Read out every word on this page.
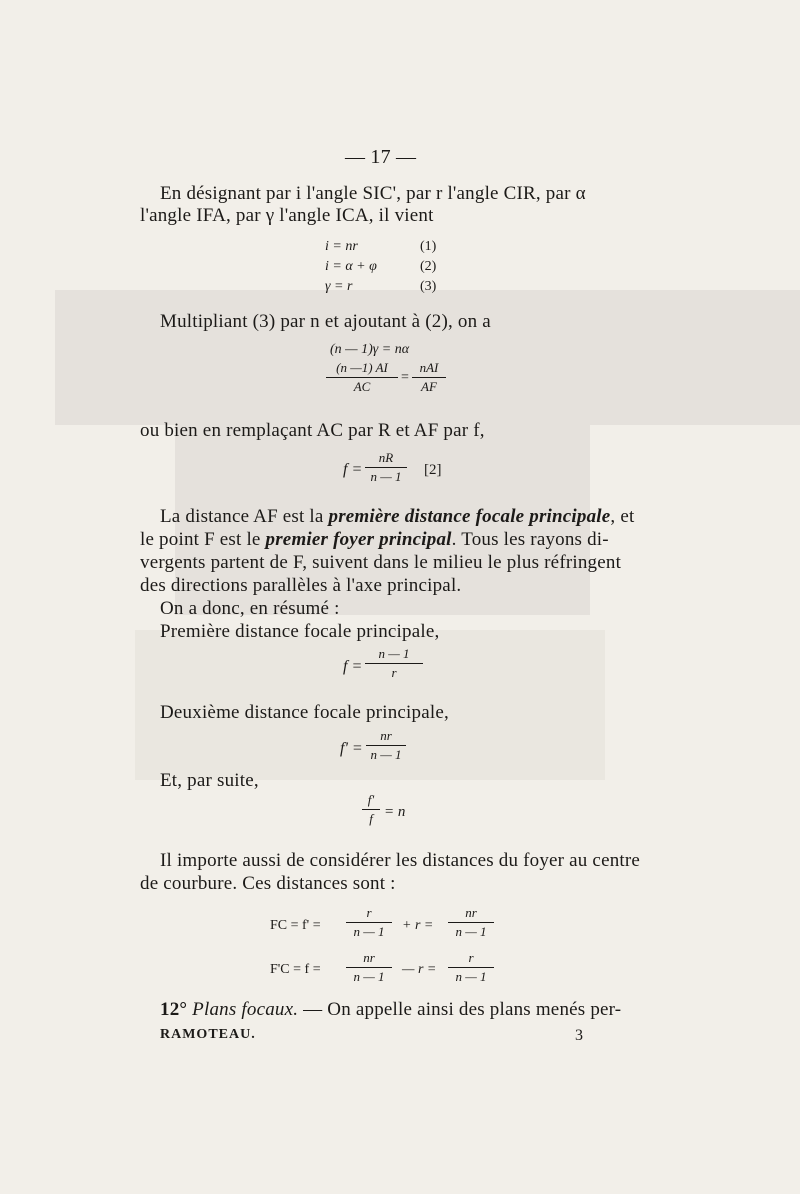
— 17 —
En désignant par i l'angle SIC', par r l'angle CIR, par α
l'angle IFA, par γ l'angle ICA, il vient
i = nr	(1)
i = α + φ	(2)
γ = r	(3)
Multipliant (3) par n et ajoutant à (2), on a
(n — 1)γ = nα
$\frac{(n —1) AI}{AC}$ =
nAI
AF
ou bien en remplaçant AC par R et AF par f,
$f = \frac{nR}{n — 1} [2]$
La distance AF est la première distance focale principale, et
le point F est le premier foyer principal. Tous les rayons di-
vergents partent de F, suivent dans le milieu le plus réfringent
des directions parallèles à l'axe principal.
On a donc, en résumé :
Première distance focale principale,
$f = \frac{n — 1}{r}$
Deuxième distance focale principale,
$f' = \frac{nr}{n — 1}$
Et, par suite,
$\frac{f'}{f} = n$
Il importe aussi de considérer les distances du foyer au centre
de courbure. Ces distances sont :
FC = $f' = \frac{r}{n — 1} + r = \frac{nr}{n — 1}$
$F'C = f = \frac{nr}{n — 1}$ — $r = \frac{r}{n — 1}$
12° Plans focaux. — On appelle ainsi des plans menés per-
RAMOTEAU.	3
